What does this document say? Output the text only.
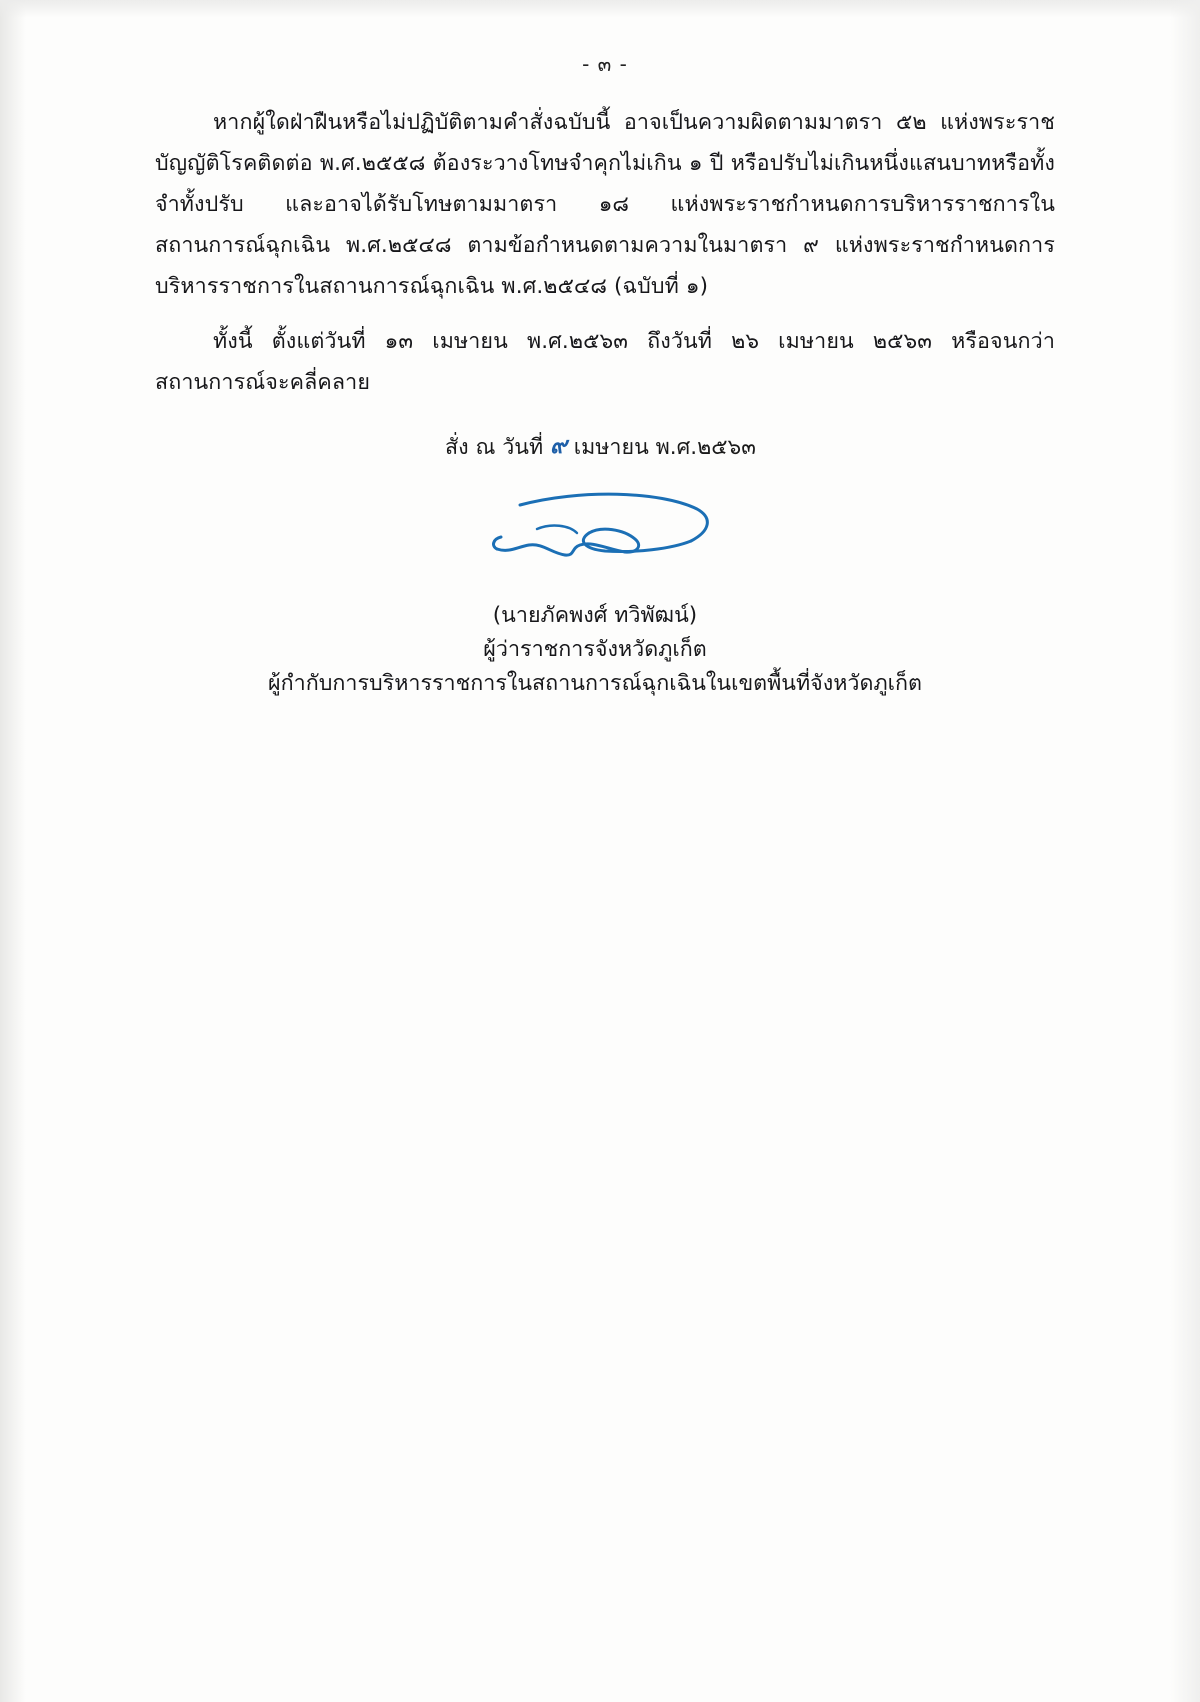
- ๓ -
หากผู้ใดฝ่าฝืนหรือไม่ปฏิบัติตามคำสั่งฉบับนี้ อาจเป็นความผิดตามมาตรา ๕๒ แห่งพระราชบัญญัติโรคติดต่อ พ.ศ.๒๕๕๘ ต้องระวางโทษจำคุกไม่เกิน ๑ ปี หรือปรับไม่เกินหนึ่งแสนบาทหรือทั้งจำทั้งปรับ และอาจได้รับโทษตามมาตรา ๑๘ แห่งพระราชกำหนดการบริหารราชการในสถานการณ์ฉุกเฉิน พ.ศ.๒๕๔๘ ตามข้อกำหนดตามความในมาตรา ๙ แห่งพระราชกำหนดการบริหารราชการในสถานการณ์ฉุกเฉิน พ.ศ.๒๕๔๘ (ฉบับที่ ๑)
ทั้งนี้ ตั้งแต่วันที่ ๑๓ เมษายน พ.ศ.๒๕๖๓ ถึงวันที่ ๒๖ เมษายน ๒๕๖๓ หรือจนกว่าสถานการณ์จะคลี่คลาย
สั่ง ณ วันที่ ๙ เมษายน พ.ศ.๒๕๖๓
(นายภัคพงศ์ ทวิพัฒน์)
ผู้ว่าราชการจังหวัดภูเก็ต
ผู้กำกับการบริหารราชการในสถานการณ์ฉุกเฉินในเขตพื้นที่จังหวัดภูเก็ต
